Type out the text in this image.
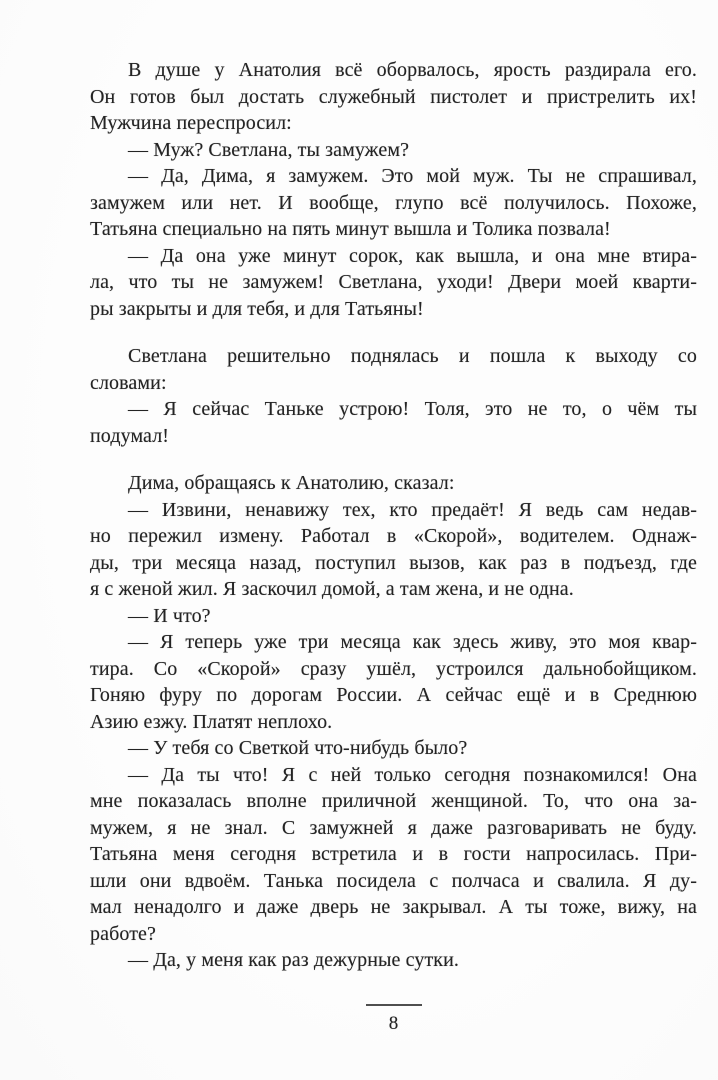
В душе у Анатолия всё оборвалось, ярость раздирала его.
Он готов был достать служебный пистолет и пристрелить их!
Мужчина переспросил:
— Муж? Светлана, ты замужем?
— Да, Дима, я замужем. Это мой муж. Ты не спрашивал,
замужем или нет. И вообще, глупо всё получилось. Похоже,
Татьяна специально на пять минут вышла и Толика позвала!
— Да она уже минут сорок, как вышла, и она мне втира-
ла, что ты не замужем! Светлана, уходи! Двери моей кварти-
ры закрыты и для тебя, и для Татьяны!
Светлана решительно поднялась и пошла к выходу со
словами:
— Я сейчас Таньке устрою! Толя, это не то, о чём ты
подумал!
Дима, обращаясь к Анатолию, сказал:
— Извини, ненавижу тех, кто предаёт! Я ведь сам недав-
но пережил измену. Работал в «Скорой», водителем. Однаж-
ды, три месяца назад, поступил вызов, как раз в подъезд, где
я с женой жил. Я заскочил домой, а там жена, и не одна.
— И что?
— Я теперь уже три месяца как здесь живу, это моя квар-
тира. Со «Скорой» сразу ушёл, устроился дальнобойщиком.
Гоняю фуру по дорогам России. А сейчас ещё и в Среднюю
Азию езжу. Платят неплохо.
— У тебя со Светкой что-нибудь было?
— Да ты что! Я с ней только сегодня познакомился! Она
мне показалась вполне приличной женщиной. То, что она за-
мужем, я не знал. С замужней я даже разговаривать не буду.
Татьяна меня сегодня встретила и в гости напросилась. При-
шли они вдвоём. Танька посидела с полчаса и свалила. Я ду-
мал ненадолго и даже дверь не закрывал. А ты тоже, вижу, на
работе?
— Да, у меня как раз дежурные сутки.
8
